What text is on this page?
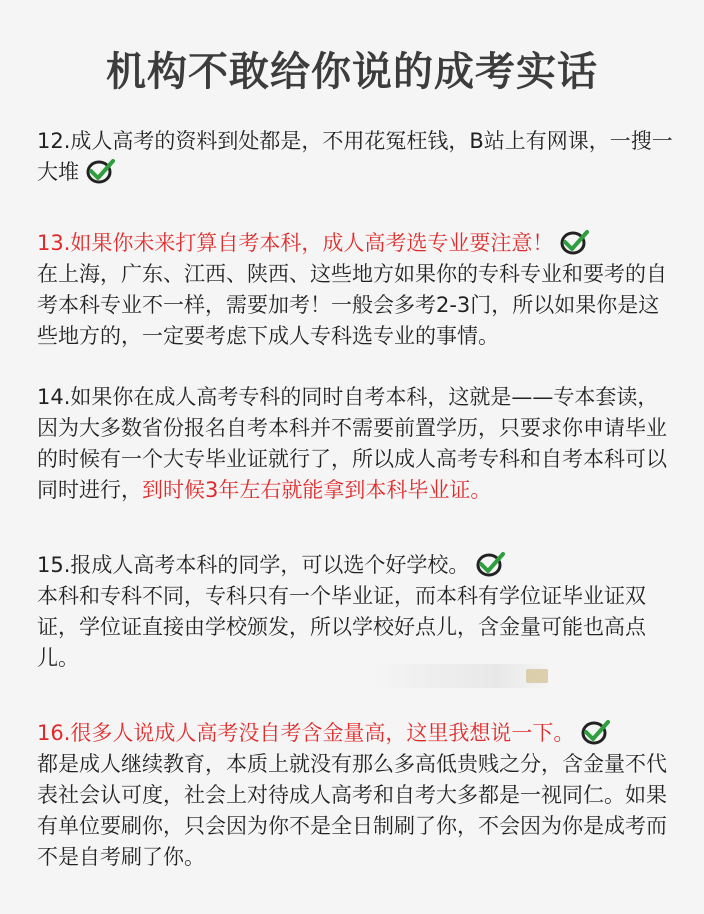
机构不敢给你说的成考实话

12.成人高考的资料到处都是，不用花冤枉钱，B站上有网课，一搜一大堆

13.如果你未来打算自考本科，成人高考选专业要注意！

在上海，广东、江西、陕西、这些地方如果你的专科专业和要考的自考本科专业不一样，需要加考！一般会多考2-3门，所以如果你是这些地方的，一定要考虑下成人专科选专业的事情。

14.如果你在成人高考专科的同时自考本科，这就是——专本套读，因为大多数省份报名自考本科并不需要前置学历，只要求你申请毕业的时候有一个大专毕业证就行了，所以成人高考专科和自考本科可以同时进行，到时候3年左右就能拿到本科毕业证。

15.报成人高考本科的同学，可以选个好学校。

本科和专科不同，专科只有一个毕业证，而本科有学位证毕业证双证，学位证直接由学校颁发，所以学校好点儿，含金量可能也高点儿。

16.很多人说成人高考没自考含金量高，这里我想说一下。

都是成人继续教育，本质上就没有那么多高低贵贱之分，含金量不代表社会认可度，社会上对待成人高考和自考大多都是一视同仁。如果有单位要刷你，只会因为你不是全日制刷了你，不会因为你是成考而不是自考刷了你。
